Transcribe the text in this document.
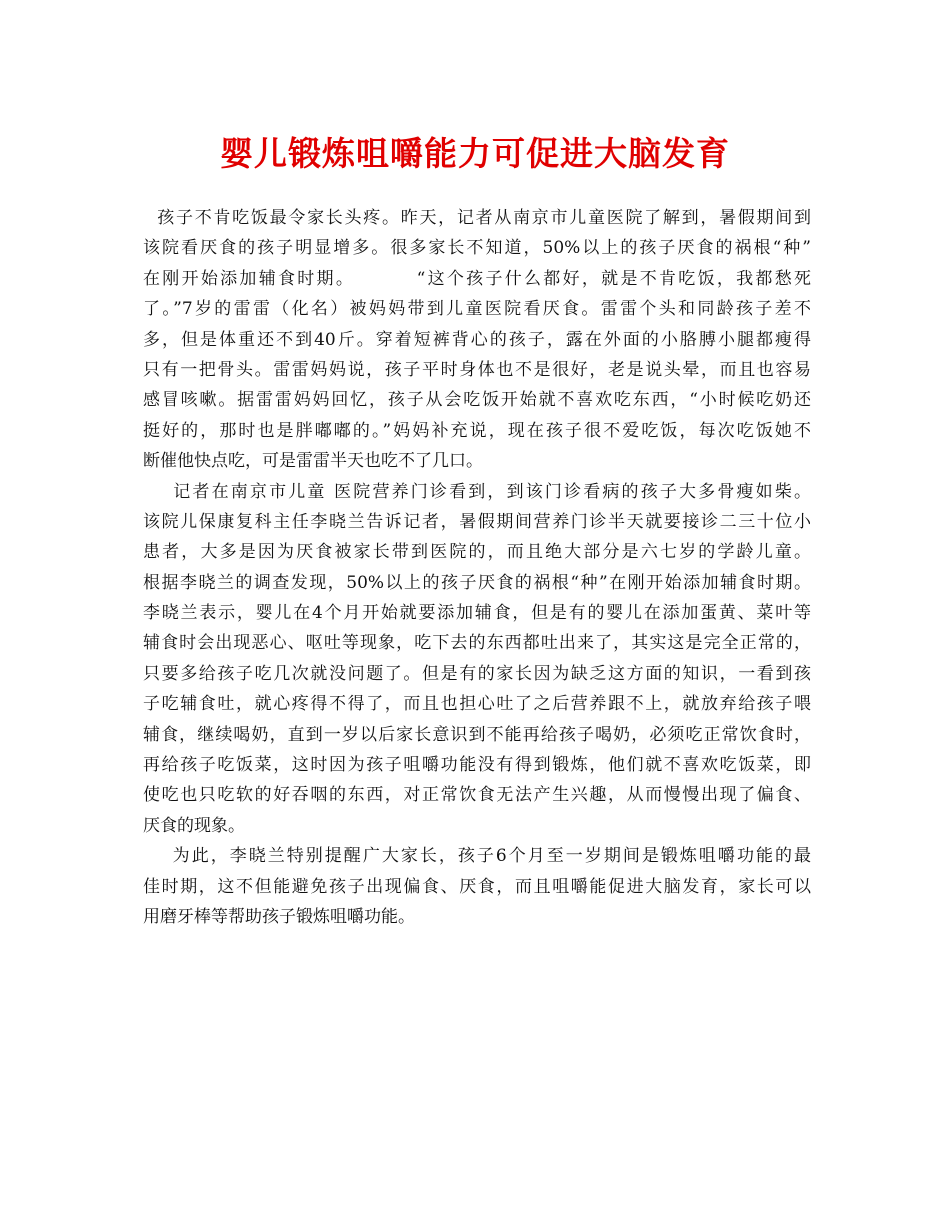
婴儿锻炼咀嚼能力可促进大脑发育
孩子不肯吃饭最令家长头疼。昨天，记者从南京市儿童医院了解到，暑假期间到
该院看厌食的孩子明显增多。很多家长不知道，50%以上的孩子厌食的祸根“种”
在刚开始添加辅食时期。        “这个孩子什么都好，就是不肯吃饭，我都愁死
了。”7岁的雷雷（化名）被妈妈带到儿童医院看厌食。雷雷个头和同龄孩子差不
多，但是体重还不到40斤。穿着短裤背心的孩子，露在外面的小胳膊小腿都瘦得
只有一把骨头。雷雷妈妈说，孩子平时身体也不是很好，老是说头晕，而且也容易
感冒咳嗽。据雷雷妈妈回忆，孩子从会吃饭开始就不喜欢吃东西，“小时候吃奶还
挺好的，那时也是胖嘟嘟的。”妈妈补充说，现在孩子很不爱吃饭，每次吃饭她不
断催他快点吃，可是雷雷半天也吃不了几口。
记者在南京市儿童 医院营养门诊看到，到该门诊看病的孩子大多骨瘦如柴。
该院儿保康复科主任李晓兰告诉记者，暑假期间营养门诊半天就要接诊二三十位小
患者，大多是因为厌食被家长带到医院的，而且绝大部分是六七岁的学龄儿童。
根据李晓兰的调查发现，50%以上的孩子厌食的祸根“种”在刚开始添加辅食时期。
李晓兰表示，婴儿在4个月开始就要添加辅食，但是有的婴儿在添加蛋黄、菜叶等
辅食时会出现恶心、呕吐等现象，吃下去的东西都吐出来了，其实这是完全正常的，
只要多给孩子吃几次就没问题了。但是有的家长因为缺乏这方面的知识，一看到孩
子吃辅食吐，就心疼得不得了，而且也担心吐了之后营养跟不上，就放弃给孩子喂
辅食，继续喝奶，直到一岁以后家长意识到不能再给孩子喝奶，必须吃正常饮食时，
再给孩子吃饭菜，这时因为孩子咀嚼功能没有得到锻炼，他们就不喜欢吃饭菜，即
使吃也只吃软的好吞咽的东西，对正常饮食无法产生兴趣，从而慢慢出现了偏食、
厌食的现象。
为此，李晓兰特别提醒广大家长，孩子6个月至一岁期间是锻炼咀嚼功能的最
佳时期，这不但能避免孩子出现偏食、厌食，而且咀嚼能促进大脑发育，家长可以
用磨牙棒等帮助孩子锻炼咀嚼功能。
